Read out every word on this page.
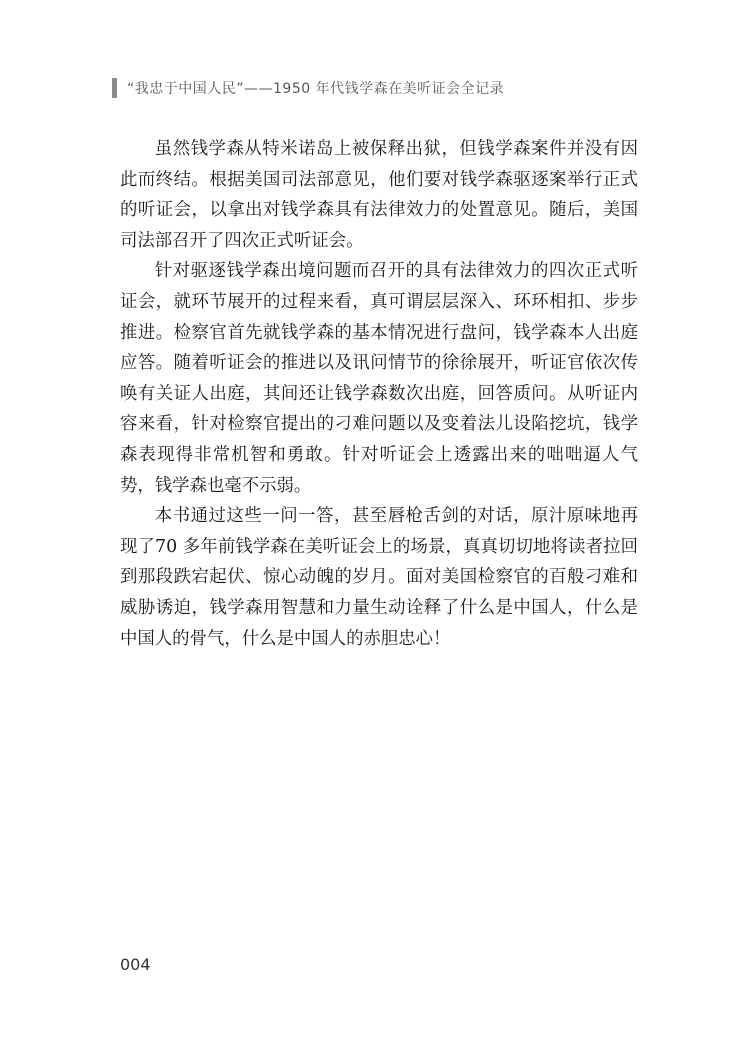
“我忠于中国人民”——1950 年代钱学森在美听证会全记录

虽然钱学森从特米诺岛上被保释出狱，但钱学森案件并没有因此而终结。根据美国司法部意见，他们要对钱学森驱逐案举行正式的听证会，以拿出对钱学森具有法律效力的处置意见。随后，美国司法部召开了四次正式听证会。

针对驱逐钱学森出境问题而召开的具有法律效力的四次正式听证会，就环节展开的过程来看，真可谓层层深入、环环相扣、步步推进。检察官首先就钱学森的基本情况进行盘问，钱学森本人出庭应答。随着听证会的推进以及讯问情节的徐徐展开，听证官依次传唤有关证人出庭，其间还让钱学森数次出庭，回答质问。从听证内容来看，针对检察官提出的刁难问题以及变着法儿设陷挖坑，钱学森表现得非常机智和勇敢。针对听证会上透露出来的咄咄逼人气势，钱学森也毫不示弱。

本书通过这些一问一答，甚至唇枪舌剑的对话，原汁原味地再现了70 多年前钱学森在美听证会上的场景，真真切切地将读者拉回到那段跌宕起伏、惊心动魄的岁月。面对美国检察官的百般刁难和威胁诱迫，钱学森用智慧和力量生动诠释了什么是中国人，什么是中国人的骨气，什么是中国人的赤胆忠心！

004
